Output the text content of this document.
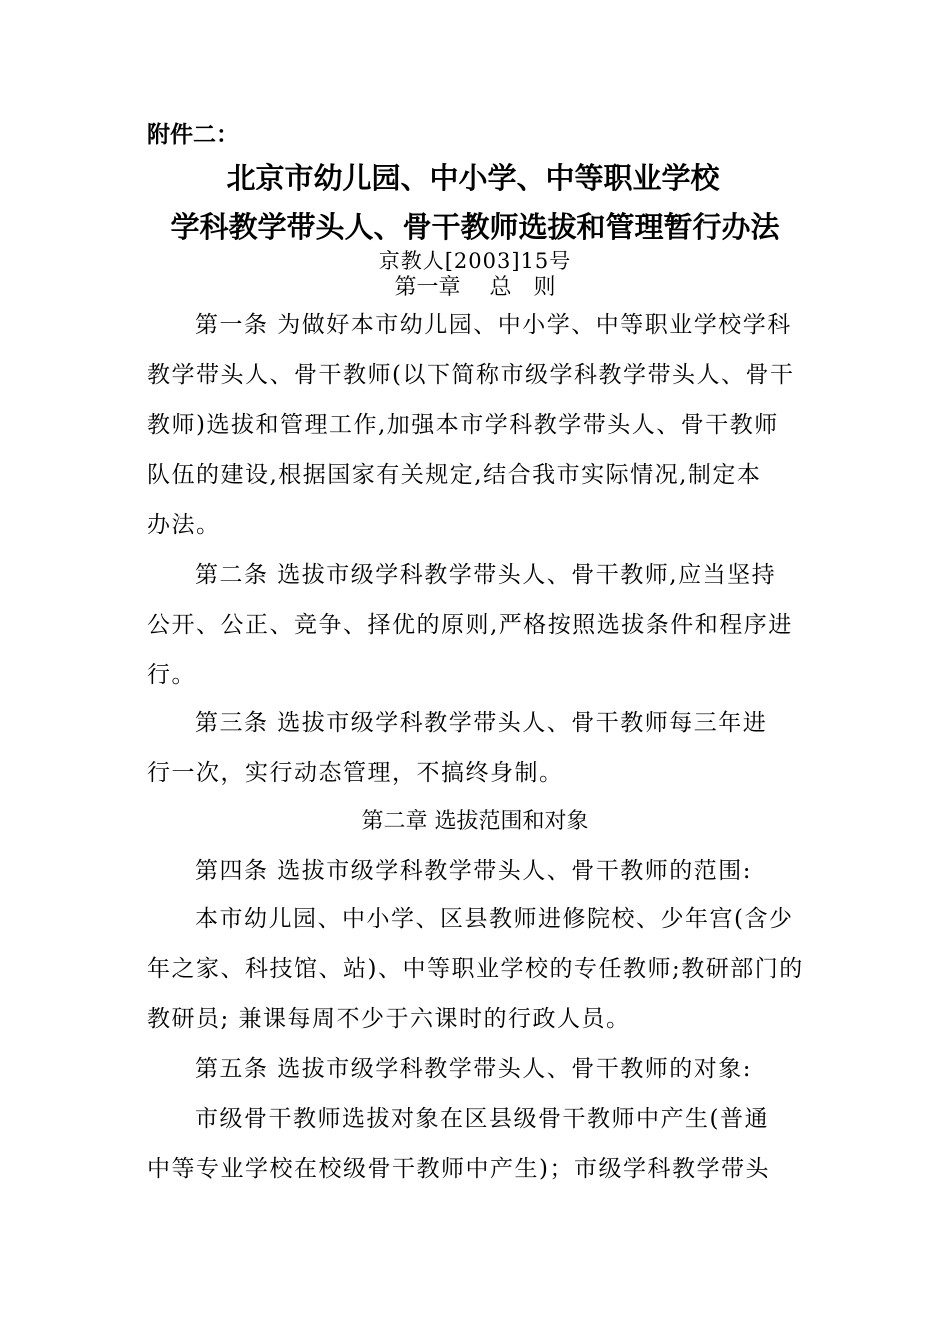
附件二：
北京市幼儿园、中小学、中等职业学校
学科教学带头人、骨干教师选拔和管理暂行办法
京教人[2003]15号
第一章　 总　则
第一条 为做好本市幼儿园、中小学、中等职业学校学科
教学带头人、骨干教师(以下简称市级学科教学带头人、骨干
教师)选拔和管理工作,加强本市学科教学带头人、骨干教师
队伍的建设,根据国家有关规定,结合我市实际情况,制定本
办法。
第二条 选拔市级学科教学带头人、骨干教师,应当坚持
公开、公正、竞争、择优的原则,严格按照选拔条件和程序进
行。
第三条 选拔市级学科教学带头人、骨干教师每三年进
行一次，实行动态管理，不搞终身制。
第二章 选拔范围和对象
第四条 选拔市级学科教学带头人、骨干教师的范围:
本市幼儿园、中小学、区县教师进修院校、少年宫(含少
年之家、科技馆、站)、中等职业学校的专任教师;教研部门的
教研员; 兼课每周不少于六课时的行政人员。
第五条 选拔市级学科教学带头人、骨干教师的对象:
市级骨干教师选拔对象在区县级骨干教师中产生(普通
中等专业学校在校级骨干教师中产生)；市级学科教学带头
